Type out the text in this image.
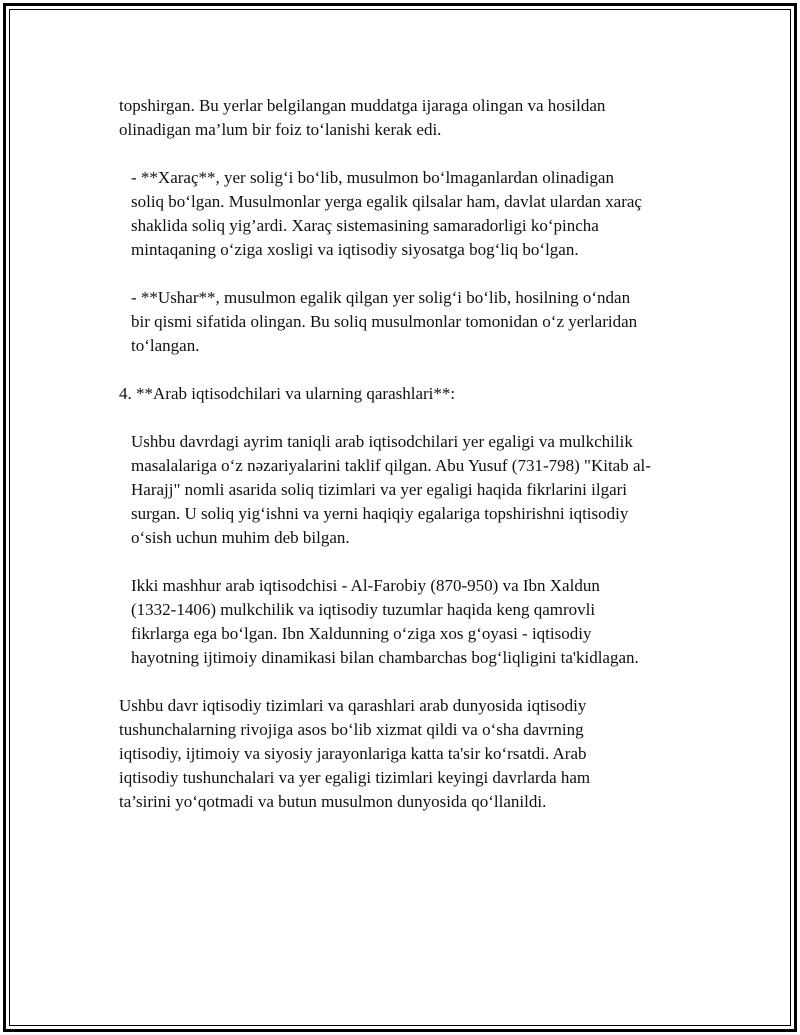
topshirgan. Bu yerlar belgilangan muddatga ijaraga olingan va hosildan
olinadigan ma’lum bir foiz to‘lanishi kerak edi.

- **Xaraç**, yer solig‘i bo‘lib, musulmon bo‘lmaganlardan olinadigan
soliq bo‘lgan. Musulmonlar yerga egalik qilsalar ham, davlat ulardan xaraç
shaklida soliq yig’ardi. Xaraç sistemasining samaradorligi ko‘pincha
mintaqaning o‘ziga xosligi va iqtisodiy siyosatga bog‘liq bo‘lgan.

- **Ushar**, musulmon egalik qilgan yer solig‘i bo‘lib, hosilning o‘ndan
bir qismi sifatida olingan. Bu soliq musulmonlar tomonidan o‘z yerlaridan
to‘langan.

4. **Arab iqtisodchilari va ularning qarashlari**:

Ushbu davrdagi ayrim taniqli arab iqtisodchilari yer egaligi va mulkchilik
masalalariga o‘z nəzariyalarini taklif qilgan. Abu Yusuf (731-798) "Kitab al-
Harajj" nomli asarida soliq tizimlari va yer egaligi haqida fikrlarini ilgari
surgan. U soliq yig‘ishni va yerni haqiqiy egalariga topshirishni iqtisodiy
o‘sish uchun muhim deb bilgan.

Ikki mashhur arab iqtisodchisi - Al-Farobiy (870-950) va Ibn Xaldun
(1332-1406) mulkchilik va iqtisodiy tuzumlar haqida keng qamrovli
fikrlarga ega bo‘lgan. Ibn Xaldunning o‘ziga xos g‘oyasi - iqtisodiy
hayotning ijtimoiy dinamikasi bilan chambarchas bog‘liqligini ta'kidlagan.

Ushbu davr iqtisodiy tizimlari va qarashlari arab dunyosida iqtisodiy
tushunchalarning rivojiga asos bo‘lib xizmat qildi va o‘sha davrning
iqtisodiy, ijtimoiy va siyosiy jarayonlariga katta ta'sir ko‘rsatdi. Arab
iqtisodiy tushunchalari va yer egaligi tizimlari keyingi davrlarda ham
ta’sirini yo‘qotmadi va butun musulmon dunyosida qo‘llanildi.
